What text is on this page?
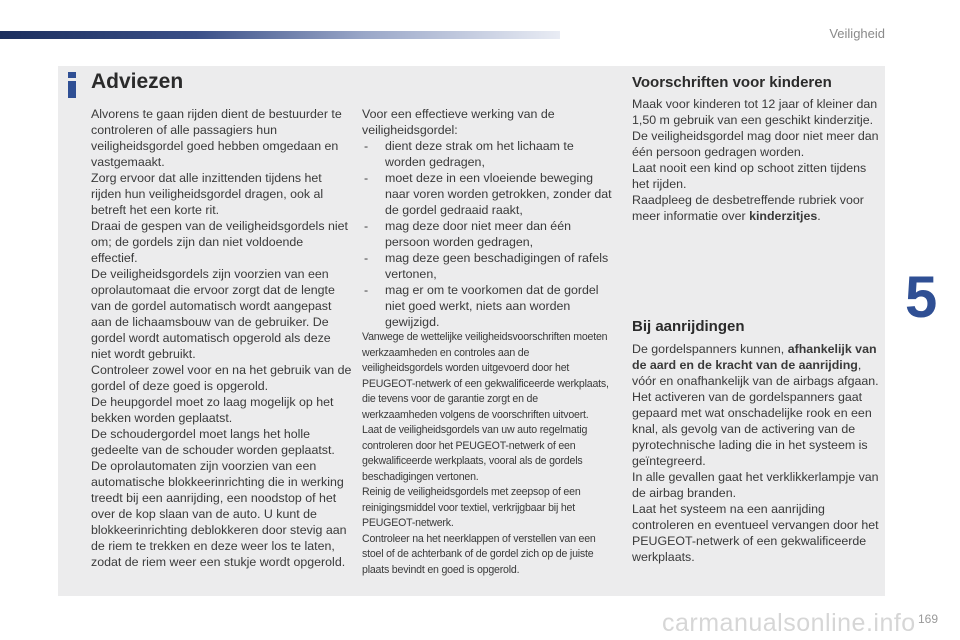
Veiligheid
Adviezen

Alvorens te gaan rijden dient de bestuurder te controleren of alle passagiers hun veiligheidsgordel goed hebben omgedaan en vastgemaakt.

Zorg ervoor dat alle inzittenden tijdens het rijden hun veiligheidsgordel dragen, ook al betreft het een korte rit.

Draai de gespen van de veiligheidsgordels niet om; de gordels zijn dan niet voldoende effectief.

De veiligheidsgordels zijn voorzien van een oprolautomaat die ervoor zorgt dat de lengte van de gordel automatisch wordt aangepast aan de lichaamsbouw van de gebruiker. De gordel wordt automatisch opgerold als deze niet wordt gebruikt.

Controleer zowel voor en na het gebruik van de gordel of deze goed is opgerold.

De heupgordel moet zo laag mogelijk op het bekken worden geplaatst.

De schoudergordel moet langs het holle gedeelte van de schouder worden geplaatst.

De oprolautomaten zijn voorzien van een automatische blokkeerinrichting die in werking treedt bij een aanrijding, een noodstop of het over de kop slaan van de auto. U kunt de blokkeerinrichting deblokkeren door stevig aan de riem te trekken en deze weer los te laten, zodat de riem weer een stukje wordt opgerold.

Voor een effectieve werking van de veiligheidsgordel:

- dient deze strak om het lichaam te worden gedragen,
- moet deze in een vloeiende beweging naar voren worden getrokken, zonder dat de gordel gedraaid raakt,
- mag deze door niet meer dan één persoon worden gedragen,
- mag deze geen beschadigingen of rafels vertonen,
- mag er om te voorkomen dat de gordel niet goed werkt, niets aan worden gewijzigd.

Vanwege de wettelijke veiligheidsvoorschriften moeten werkzaamheden en controles aan de veiligheidsgordels worden uitgevoerd door het PEUGEOT-netwerk of een gekwalificeerde werkplaats, die tevens voor de garantie zorgt en de werkzaamheden volgens de voorschriften uitvoert.

Laat de veiligheidsgordels van uw auto regelmatig controleren door het PEUGEOT-netwerk of een gekwalificeerde werkplaats, vooral als de gordels beschadigingen vertonen.

Reinig de veiligheidsgordels met zeepsop of een reinigingsmiddel voor textiel, verkrijgbaar bij het PEUGEOT-netwerk.

Controleer na het neerklappen of verstellen van een stoel of de achterbank of de gordel zich op de juiste plaats bevindt en goed is opgerold.

Voorschriften voor kinderen

Maak voor kinderen tot 12 jaar of kleiner dan 1,50 m gebruik van een geschikt kinderzitje.

De veiligheidsgordel mag door niet meer dan één persoon gedragen worden.

Laat nooit een kind op schoot zitten tijdens het rijden.

Raadpleeg de desbetreffende rubriek voor meer informatie over kinderzitjes.

Bij aanrijdingen

De gordelspanners kunnen, afhankelijk van de aard en de kracht van de aanrijding, vóór en onafhankelijk van de airbags afgaan.

Het activeren van de gordelspanners gaat gepaard met wat onschadelijke rook en een knal, als gevolg van de activering van de pyrotechnische lading die in het systeem is geïntegreerd.

In alle gevallen gaat het verklikkerlampje van de airbag branden.

Laat het systeem na een aanrijding controleren en eventueel vervangen door het PEUGEOT-netwerk of een gekwalificeerde werkplaats.

5
carmanualsonline.info 169
